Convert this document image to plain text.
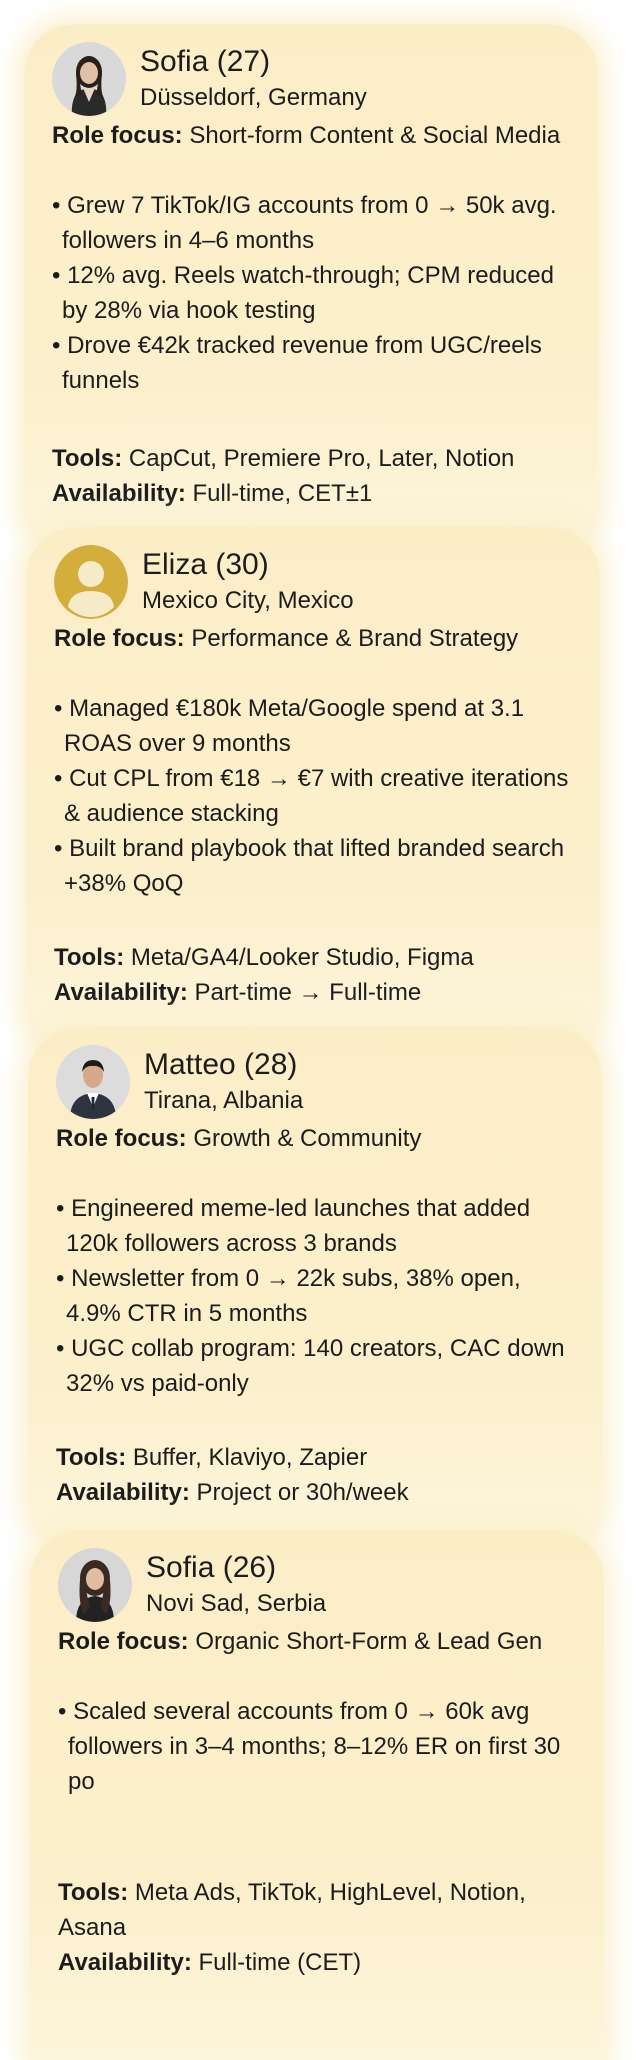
Sofia (27)
Düsseldorf, Germany
Role focus: Short-form Content & Social Media
• Grew 7 TikTok/IG accounts from 0 → 50k avg. followers in 4–6 months
• 12% avg. Reels watch-through; CPM reduced by 28% via hook testing
• Drove €42k tracked revenue from UGC/reels funnels
Tools: CapCut, Premiere Pro, Later, Notion
Availability: Full-time, CET±1
Eliza (30)
Mexico City, Mexico
Role focus: Performance & Brand Strategy
• Managed €180k Meta/Google spend at 3.1 ROAS over 9 months
• Cut CPL from €18 → €7 with creative iterations & audience stacking
• Built brand playbook that lifted branded search +38% QoQ
Tools: Meta/GA4/Looker Studio, Figma
Availability: Part-time → Full-time
Matteo (28)
Tirana, Albania
Role focus: Growth & Community
• Engineered meme-led launches that added 120k followers across 3 brands
• Newsletter from 0 → 22k subs, 38% open, 4.9% CTR in 5 months
• UGC collab program: 140 creators, CAC down 32% vs paid-only
Tools: Buffer, Klaviyo, Zapier
Availability: Project or 30h/week
Sofia (26)
Novi Sad, Serbia
Role focus: Organic Short-Form & Lead Gen
• Scaled several accounts from 0 → 60k avg followers in 3–4 months; 8–12% ER on first 30 po
Tools: Meta Ads, TikTok, HighLevel, Notion, Asana
Availability: Full-time (CET)
